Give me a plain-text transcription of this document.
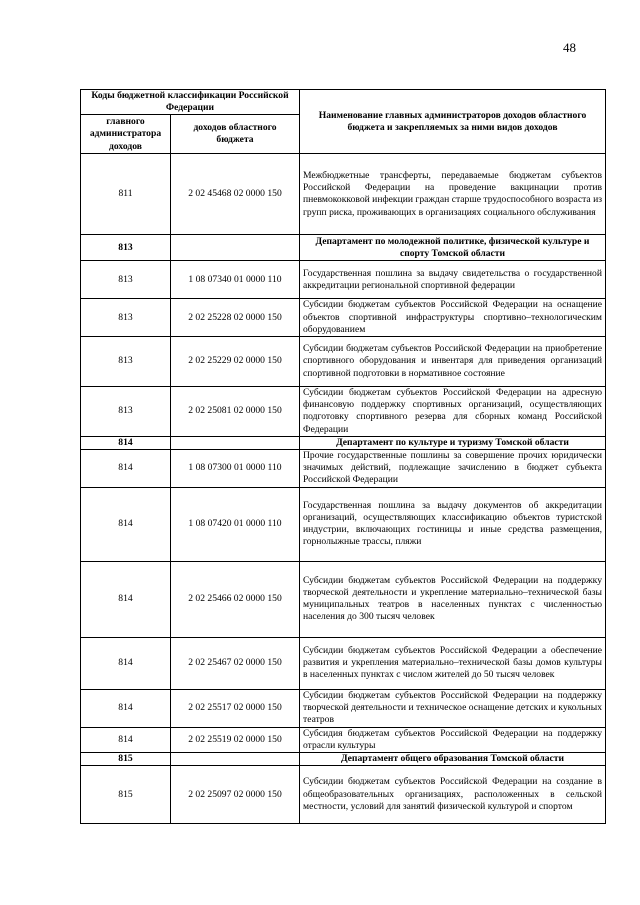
48
Коды бюджетной классификации Российской Федерации		Наименование главных администраторов доходов областного бюджета и закрепляемых за ними видов доходов
главного администратора доходов	доходов областного бюджета	
811	2 02 45468 02 0000 150	Межбюджетные трансферты, передаваемые бюджетам субъектов Российской Федерации на проведение вакцинации против пневмококковой инфекции граждан старше трудоспособного возраста из групп риска, проживающих в организациях социального обслуживания
813		Департамент по молодежной политике, физической культуре и спорту Томской области
813	1 08 07340 01 0000 110	Государственная пошлина за выдачу свидетельства о государственной аккредитации региональной спортивной федерации
813	2 02 25228 02 0000 150	Субсидии бюджетам субъектов Российской Федерации на оснащение объектов спортивной инфраструктуры спортивно–технологическим оборудованием
813	2 02 25229 02 0000 150	Субсидии бюджетам субъектов Российской Федерации на приобретение спортивного оборудования и инвентаря для приведения организаций спортивной подготовки в нормативное состояние
813	2 02 25081 02 0000 150	Субсидии бюджетам субъектов Российской Федерации на адресную финансовую поддержку спортивных организаций, осуществляющих подготовку спортивного резерва для сборных команд Российской Федерации
814		Департамент по культуре и туризму Томской области
814	1 08 07300 01 0000 110	Прочие государственные пошлины за совершение прочих юридически значимых действий, подлежащие зачислению в бюджет субъекта Российской Федерации
814	1 08 07420 01 0000 110	Государственная пошлина за выдачу документов об аккредитации организаций, осуществляющих классификацию объектов туристской индустрии, включающих гостиницы и иные средства размещения, горнолыжные трассы, пляжи
814	2 02 25466 02 0000 150	Субсидии бюджетам субъектов Российской Федерации на поддержку творческой деятельности и укрепление материально–технической базы муниципальных театров в населенных пунктах с численностью населения до 300 тысяч человек
814	2 02 25467 02 0000 150	Субсидии бюджетам субъектов Российской Федерации а обеспечение развития и укрепления материально–технической базы домов культуры в населенных пунктах с числом жителей до 50 тысяч человек
814	2 02 25517 02 0000 150	Субсидии бюджетам субъектов Российской Федерации на поддержку творческой деятельности и техническое оснащение детских и кукольных театров
814	2 02 25519 02 0000 150	Субсидия бюджетам субъектов Российской Федерации на поддержку отрасли культуры
815		Департамент общего образования Томской области
815	2 02 25097 02 0000 150	Субсидии бюджетам субъектов Российской Федерации на создание в общеобразовательных организациях, расположенных в сельской местности, условий для занятий физической культурой и спортом
